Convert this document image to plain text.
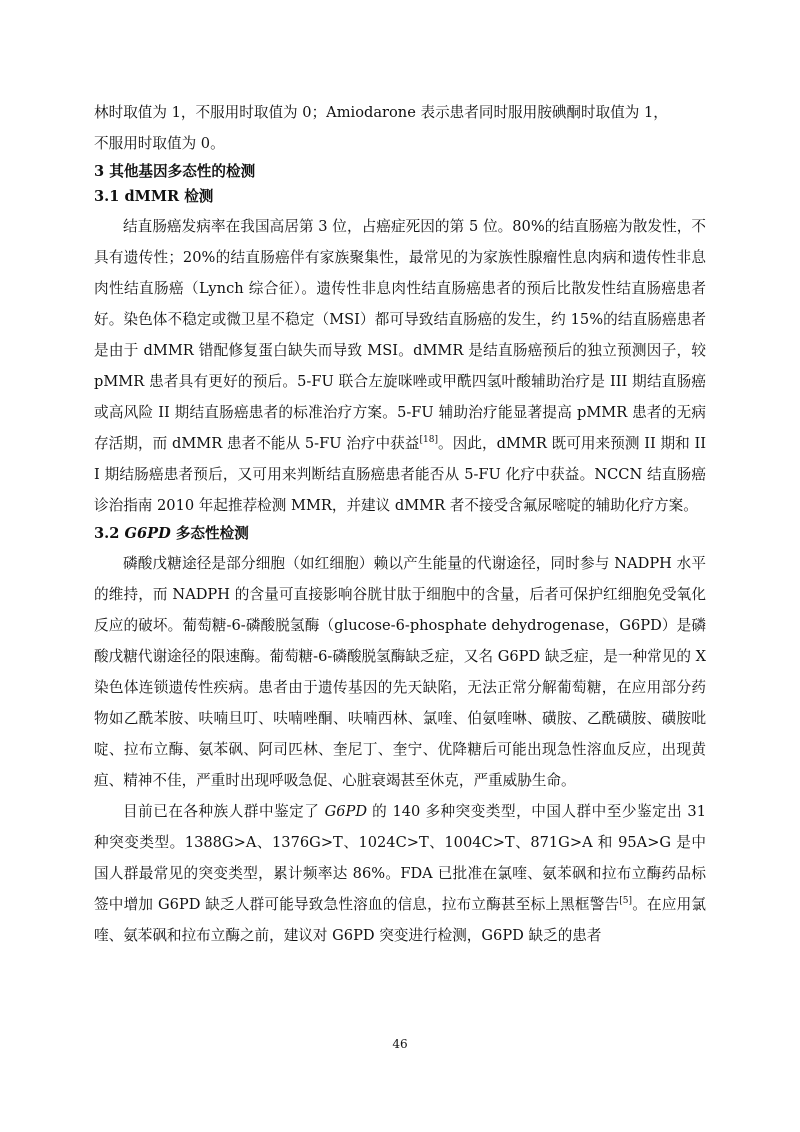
林时取值为 1，不服用时取值为 0；Amiodarone 表示患者同时服用胺碘酮时取值为 1，
不服用时取值为 0。

3 其他基因多态性的检测

3.1 dMMR 检测

结直肠癌发病率在我国高居第 3 位，占癌症死因的第 5 位。80%的结直肠癌为散发性，不具有遗传性；20%的结直肠癌伴有家族聚集性，最常见的为家族性腺瘤性息肉病和遗传性非息肉性结直肠癌（Lynch 综合征）。遗传性非息肉性结直肠癌患者的预后比散发性结直肠癌患者好。染色体不稳定或微卫星不稳定（MSI）都可导致结直肠癌的发生，约 15%的结直肠癌患者是由于 dMMR 错配修复蛋白缺失而导致 MSI。dMMR 是结直肠癌预后的独立预测因子，较 pMMR 患者具有更好的预后。5-FU 联合左旋咪唑或甲酰四氢叶酸辅助治疗是 III 期结直肠癌或高风险 II 期结直肠癌患者的标准治疗方案。5-FU 辅助治疗能显著提高 pMMR 患者的无病存活期，而 dMMR 患者不能从 5-FU 治疗中获益[18]。因此，dMMR 既可用来预测 II 期和 III 期结肠癌患者预后，又可用来判断结直肠癌患者能否从 5-FU 化疗中获益。NCCN 结直肠癌诊治指南 2010 年起推荐检测 MMR，并建议 dMMR 者不接受含氟尿嘧啶的辅助化疗方案。

3.2 G6PD 多态性检测

磷酸戊糖途径是部分细胞（如红细胞）赖以产生能量的代谢途径，同时参与 NADPH 水平的维持，而 NADPH 的含量可直接影响谷胱甘肽于细胞中的含量，后者可保护红细胞免受氧化反应的破坏。葡萄糖-6-磷酸脱氢酶（glucose-6-phosphate dehydrogenase，G6PD）是磷酸戊糖代谢途径的限速酶。葡萄糖-6-磷酸脱氢酶缺乏症，又名 G6PD 缺乏症，是一种常见的 X 染色体连锁遗传性疾病。患者由于遗传基因的先天缺陷，无法正常分解葡萄糖，在应用部分药物如乙酰苯胺、呋喃旦叮、呋喃唑酮、呋喃西林、氯喹、伯氨喹啉、磺胺、乙酰磺胺、磺胺吡啶、拉布立酶、氨苯砜、阿司匹林、奎尼丁、奎宁、优降糖后可能出现急性溶血反应，出现黄疸、精神不佳，严重时出现呼吸急促、心脏衰竭甚至休克，严重威胁生命。

目前已在各种族人群中鉴定了 G6PD 的 140 多种突变类型，中国人群中至少鉴定出 31 种突变类型。1388G>A、1376G>T、1024C>T、1004C>T、871G>A 和 95A>G 是中国人群最常见的突变类型，累计频率达 86%。FDA 已批准在氯喹、氨苯砜和拉布立酶药品标签中增加 G6PD 缺乏人群可能导致急性溶血的信息，拉布立酶甚至标上黑框警告[5]。在应用氯喹、氨苯砜和拉布立酶之前，建议对 G6PD 突变进行检测，G6PD 缺乏的患者

46
